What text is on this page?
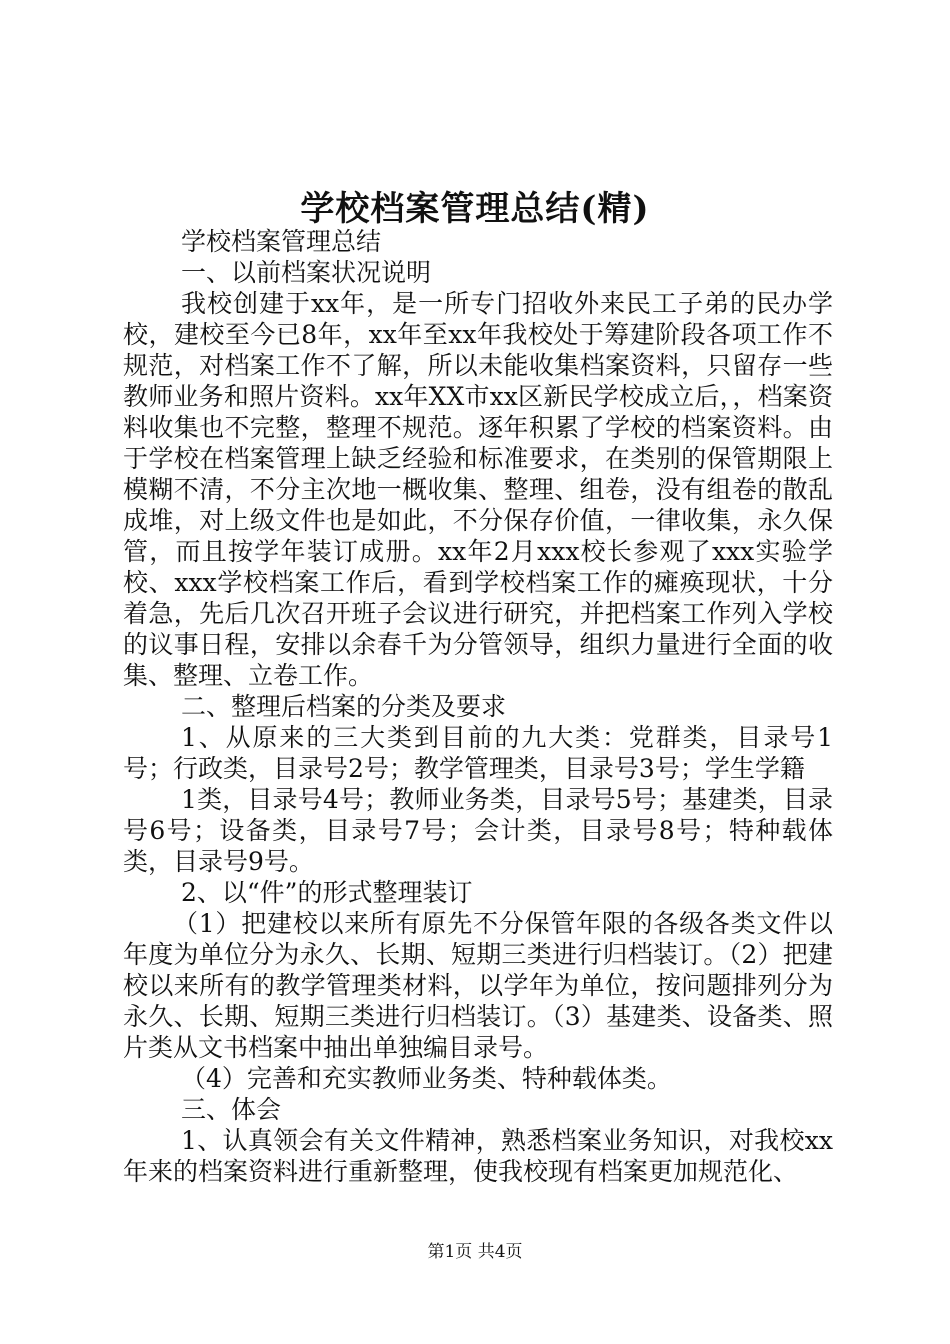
学校档案管理总结(精)

学校档案管理总结

一、以前档案状况说明

我校创建于xx年，是一所专门招收外来民工子弟的民办学校，建校至今已8年，xx年至xx年我校处于筹建阶段各项工作不规范，对档案工作不了解，所以未能收集档案资料，只留存一些教师业务和照片资料。xx年XX市xx区新民学校成立后，，档案资料收集也不完整，整理不规范。逐年积累了学校的档案资料。由于学校在档案管理上缺乏经验和标准要求，在类别的保管期限上模糊不清，不分主次地一概收集、整理、组卷，没有组卷的散乱成堆，对上级文件也是如此，不分保存价值，一律收集，永久保管，而且按学年装订成册。xx年2月xxx校长参观了xxx实验学校、xxx学校档案工作后，看到学校档案工作的瘫痪现状，十分着急，先后几次召开班子会议进行研究，并把档案工作列入学校的议事日程，安排以余春千为分管领导，组织力量进行全面的收集、整理、立卷工作。

二、整理后档案的分类及要求

1、从原来的三大类到目前的九大类：党群类，目录号1号；行政类，目录号2号；教学管理类，目录号3号；学生学籍

1类，目录号4号；教师业务类，目录号5号；基建类，目录号6号；设备类，目录号7号；会计类，目录号8号；特种载体类，目录号9号。

2、以“件”的形式整理装订

（1）把建校以来所有原先不分保管年限的各级各类文件以年度为单位分为永久、长期、短期三类进行归档装订。（2）把建校以来所有的教学管理类材料，以学年为单位，按问题排列分为永久、长期、短期三类进行归档装订。（3）基建类、设备类、照片类从文书档案中抽出单独编目录号。

（4）完善和充实教师业务类、特种载体类。

三、体会

1、认真领会有关文件精神，熟悉档案业务知识，对我校xx年来的档案资料进行重新整理，使我校现有档案更加规范化、

第1页 共4页
